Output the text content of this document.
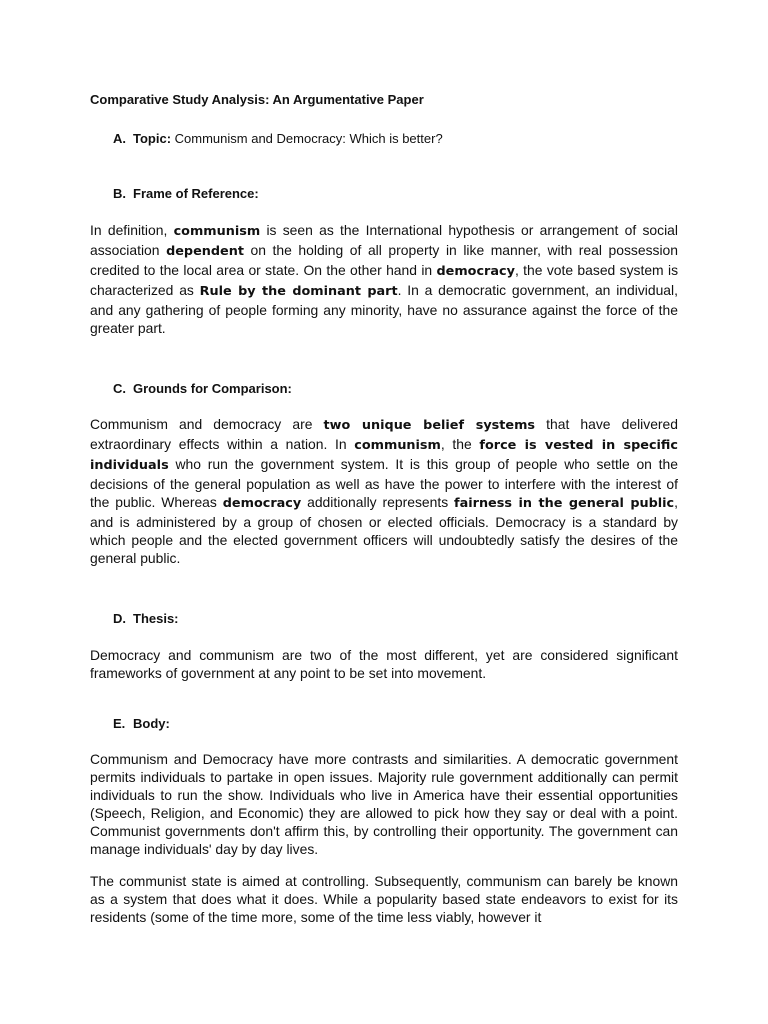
Comparative Study Analysis: An Argumentative Paper
A. Topic: Communism and Democracy: Which is better?
B. Frame of Reference:
In definition, communism is seen as the International hypothesis or arrangement of social association dependent on the holding of all property in like manner, with real possession credited to the local area or state. On the other hand in democracy, the vote based system is characterized as Rule by the dominant part. In a democratic government, an individual, and any gathering of people forming any minority, have no assurance against the force of the greater part.
C. Grounds for Comparison:
Communism and democracy are two unique belief systems that have delivered extraordinary effects within a nation. In communism, the force is vested in specific individuals who run the government system. It is this group of people who settle on the decisions of the general population as well as have the power to interfere with the interest of the public. Whereas democracy additionally represents fairness in the general public, and is administered by a group of chosen or elected officials. Democracy is a standard by which people and the elected government officers will undoubtedly satisfy the desires of the general public.
D. Thesis:
Democracy and communism are two of the most different, yet are considered significant frameworks of government at any point to be set into movement.
E. Body:
Communism and Democracy have more contrasts and similarities. A democratic government permits individuals to partake in open issues. Majority rule government additionally can permit individuals to run the show. Individuals who live in America have their essential opportunities (Speech, Religion, and Economic) they are allowed to pick how they say or deal with a point. Communist governments don't affirm this, by controlling their opportunity. The government can manage individuals' day by day lives.
The communist state is aimed at controlling. Subsequently, communism can barely be known as a system that does what it does. While a popularity based state endeavors to exist for its residents (some of the time more, some of the time less viably, however it
